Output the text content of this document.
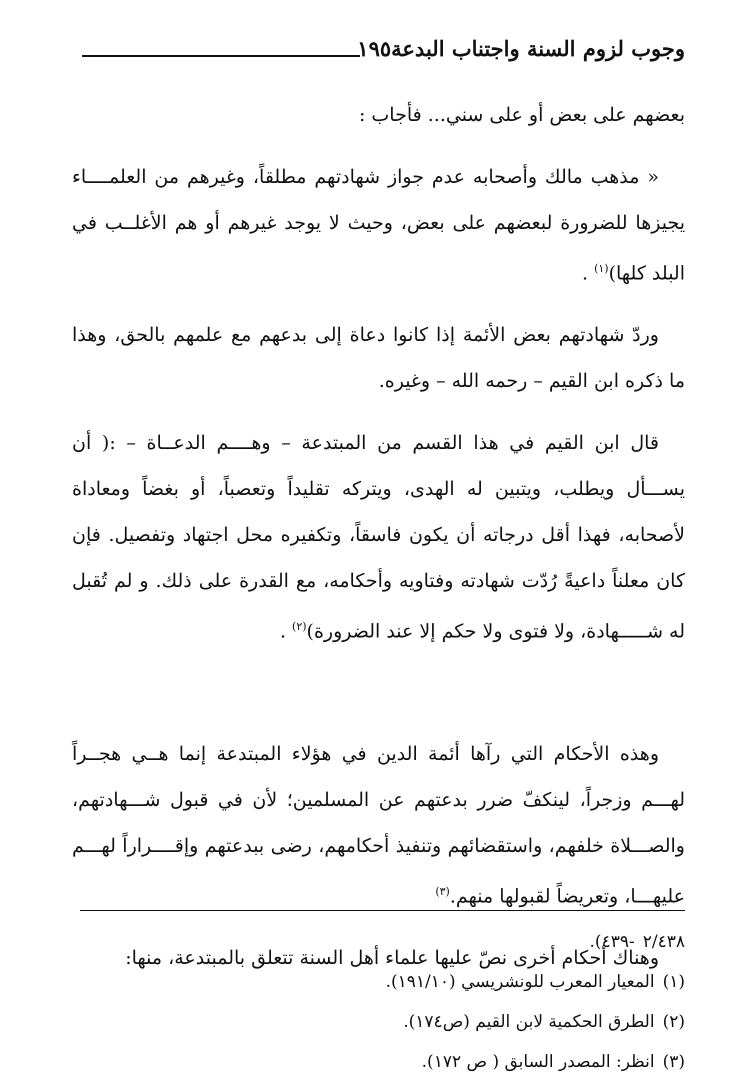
وجوب لزوم السنة واجتناب البدعة
١٩٥

بعضهم على بعض أو على سني... فأجاب :

« مذهب مالك وأصحابه عدم جواز شهادتهم مطلقاً، وغيرهم من العلمــــاء يجيزها للضرورة لبعضهم على بعض، وحيث لا يوجد غيرهم أو هم الأغلــب في البلد كلها)$^{(١)}$ .

وردّ شهادتهم بعض الأئمة إذا كانوا دعاة إلى بدعهم مع علمهم بالحق، وهذا ما ذكره ابن القيم – رحمه الله – وغيره.

قال ابن القيم في هذا القسم من المبتدعة – وهــــم الدعــاة – :( أن يســـأل ويطلب، ويتبين له الهدى، ويتركه تقليداً وتعصباً، أو بغضاً ومعاداة لأصحابه، فهذا أقل درجاته أن يكون فاسقاً، وتكفيره محل اجتهاد وتفصيل. فإن كان معلناً داعيةً رُدّت شهادته وفتاويه وأحكامه، مع القدرة على ذلك. و لم تُقبل له شـــــهادة، ولا فتوى ولا حكم إلا عند الضرورة)$^{(٢)}$ .

وهذه الأحكام التي رآها أئمة الدين في هؤلاء المبتدعة إنما هــي هجــراً لهـــم وزجراً، لينكفّ ضرر بدعتهم عن المسلمين؛ لأن في قبول شـــهادتهم، والصـــلاة خلفهم، واستقضائهم وتنفيذ أحكامهم، رضى ببدعتهم وإقــــراراً لهـــم عليهـــا، وتعريضاً لقبولها منهم.$^{(٣)}$

وهناك أحكام أخرى نصّ عليها علماء أهل السنة تتعلق بالمبتدعة، منها:

٢/٤٣٨-٤٣٩).

(١)المعيار المعرب للونشريسي (١٩١/١٠).

(٢)الطرق الحكمية لابن القيم (ص١٧٤).

(٣)انظر: المصدر السابق ( ص ١٧٢).
